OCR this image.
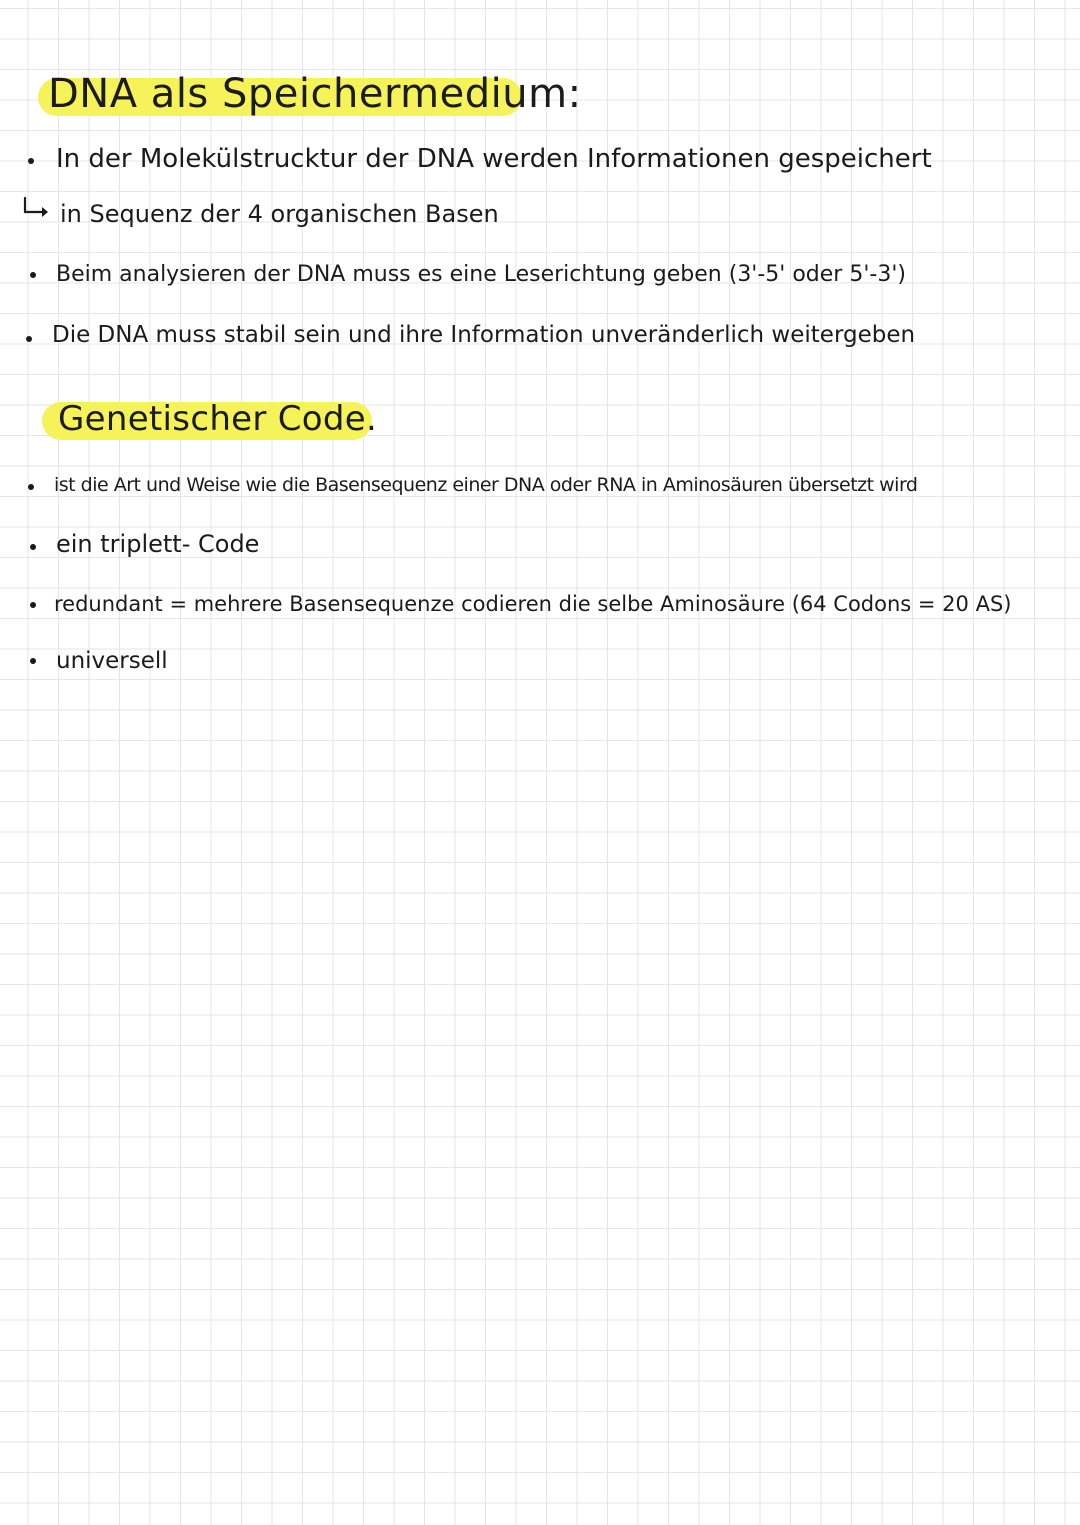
DNA als Speichermedium:
In der Molekülstrucktur der DNA werden Informationen gespeichert
in Sequenz der 4 organischen Basen
Beim analysieren der DNA muss es eine Leserichtung geben (3'-5' oder 5'-3')
Die DNA muss stabil sein und ihre Information unveränderlich weitergeben
Genetischer Code.
ist die Art und Weise wie die Basensequenz einer DNA oder RNA in Aminosäuren übersetzt wird
ein triplett- Code
redundant = mehrere Basensequenze codieren die selbe Aminosäure (64 Codons = 20 AS)
universell
